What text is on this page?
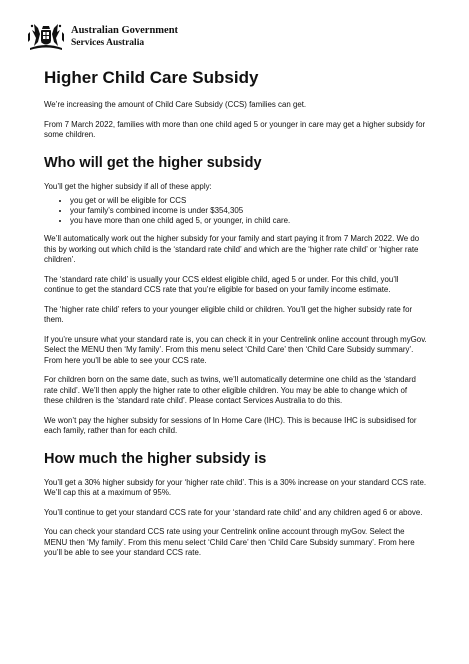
Australian Government
Services Australia
Higher Child Care Subsidy

We’re increasing the amount of Child Care Subsidy (CCS) families can get.

From 7 March 2022, families with more than one child aged 5 or younger in care may get a higher subsidy for some children.

Who will get the higher subsidy

You’ll get the higher subsidy if all of these apply:

• you get or will be eligible for CCS
• your family’s combined income is under $354,305
• you have more than one child aged 5, or younger, in child care.

We’ll automatically work out the higher subsidy for your family and start paying it from 7 March 2022. We do this by working out which child is the ‘standard rate child’ and which are the ‘higher rate child’ or ‘higher rate children’.

The ‘standard rate child’ is usually your CCS eldest eligible child, aged 5 or under. For this child, you’ll continue to get the standard CCS rate that you’re eligible for based on your family income estimate.

The ‘higher rate child’ refers to your younger eligible child or children. You’ll get the higher subsidy rate for them.

If you’re unsure what your standard rate is, you can check it in your Centrelink online account through myGov. Select the MENU then ‘My family’. From this menu select ‘Child Care’ then ‘Child Care Subsidy summary’. From here you’ll be able to see your CCS rate.

For children born on the same date, such as twins, we’ll automatically determine one child as the ‘standard rate child’. We’ll then apply the higher rate to other eligible children. You may be able to change which of these children is the ‘standard rate child’. Please contact Services Australia to do this.

We won’t pay the higher subsidy for sessions of In Home Care (IHC). This is because IHC is subsidised for each family, rather than for each child.

How much the higher subsidy is

You’ll get a 30% higher subsidy for your ‘higher rate child’. This is a 30% increase on your standard CCS rate. We’ll cap this at a maximum of 95%.

You’ll continue to get your standard CCS rate for your ‘standard rate child’ and any children aged 6 or above.

You can check your standard CCS rate using your Centrelink online account through myGov. Select the MENU then ‘My family’. From this menu select ‘Child Care’ then ‘Child Care Subsidy summary’. From here you’ll be able to see your standard CCS rate.
